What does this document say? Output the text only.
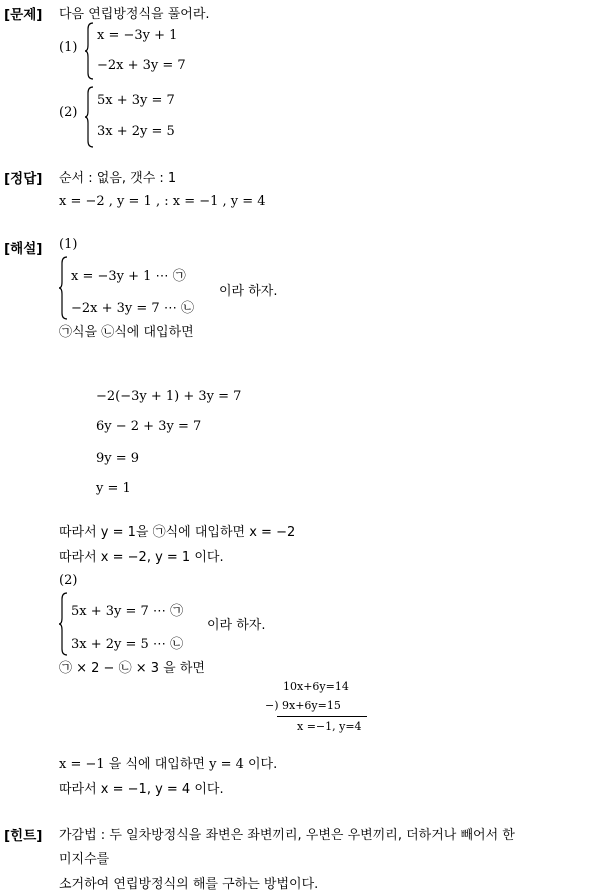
[문제] 다음 연립방정식을 풀어라.
(1)
x = −3y + 1
−2x + 3y = 7
(2)
5x + 3y = 7
3x + 2y = 5
[정답] 순서 : 없음, 갯수 : 1
x = −2 , y = 1 , : x = −1 , y = 4
[해설] (1)
x = −3y + 1 ⋯ ㉠
−2x + 3y = 7 ⋯ ㉡
이라 하자.
㉠식을 ㉡식에 대입하면
−2(−3y + 1) + 3y = 7
6y − 2 + 3y = 7
9y = 9
y = 1
따라서 y = 1을 ㉠식에 대입하면 x = −2
따라서 x = −2, y = 1 이다.
(2)
5x + 3y = 7 ⋯ ㉠
3x + 2y = 5 ⋯ ㉡
이라 하자.
㉠ × 2 − ㉡ × 3 을 하면
10x+6y=14
−) 9x+6y=15
x =−1, y=4
x = −1 을 식에 대입하면 y = 4 이다.
따라서 x = −1, y = 4 이다.
[힌트] 가감법 : 두 일차방정식을 좌변은 좌변끼리, 우변은 우변끼리, 더하거나 빼어서 한
미지수를
소거하여 연립방정식의 해를 구하는 방법이다.
